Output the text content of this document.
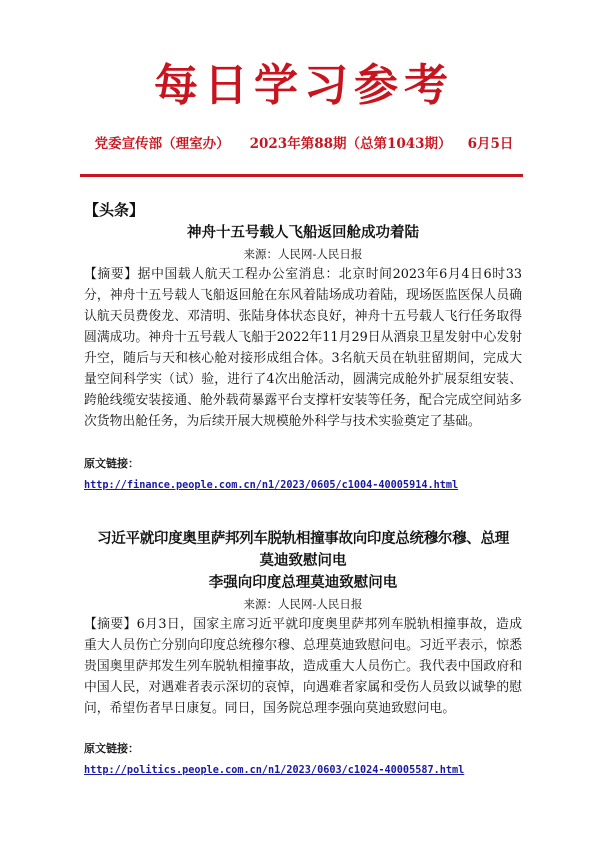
每日学习参考
党委宣传部（理室办） 2023年第88期（总第1043期） 6月5日
【头条】
神舟十五号载人飞船返回舱成功着陆
来源：人民网-人民日报

【摘要】据中国载人航天工程办公室消息：北京时间2023年6月4日6时33分，神舟十五号载人飞船返回舱在东风着陆场成功着陆，现场医监医保人员确认航天员费俊龙、邓清明、张陆身体状态良好，神舟十五号载人飞行任务取得圆满成功。神舟十五号载人飞船于2022年11月29日从酒泉卫星发射中心发射升空，随后与天和核心舱对接形成组合体。3名航天员在轨驻留期间，完成大量空间科学实（试）验，进行了4次出舱活动，圆满完成舱外扩展泵组安装、跨舱线缆安装接通、舱外载荷暴露平台支撑杆安装等任务，配合完成空间站多次货物出舱任务，为后续开展大规模舱外科学与技术实验奠定了基础。

原文链接：

http://finance.people.com.cn/n1/2023/0605/c1004-40005914.html

习近平就印度奥里萨邦列车脱轨相撞事故向印度总统穆尔穆、总理
莫迪致慰问电
李强向印度总理莫迪致慰问电
来源：人民网-人民日报

【摘要】6月3日，国家主席习近平就印度奥里萨邦列车脱轨相撞事故，造成重大人员伤亡分别向印度总统穆尔穆、总理莫迪致慰问电。习近平表示，惊悉贵国奥里萨邦发生列车脱轨相撞事故，造成重大人员伤亡。我代表中国政府和中国人民，对遇难者表示深切的哀悼，向遇难者家属和受伤人员致以诚挚的慰问，希望伤者早日康复。同日，国务院总理李强向莫迪致慰问电。

原文链接：

http://politics.people.com.cn/n1/2023/0603/c1024-40005587.html
